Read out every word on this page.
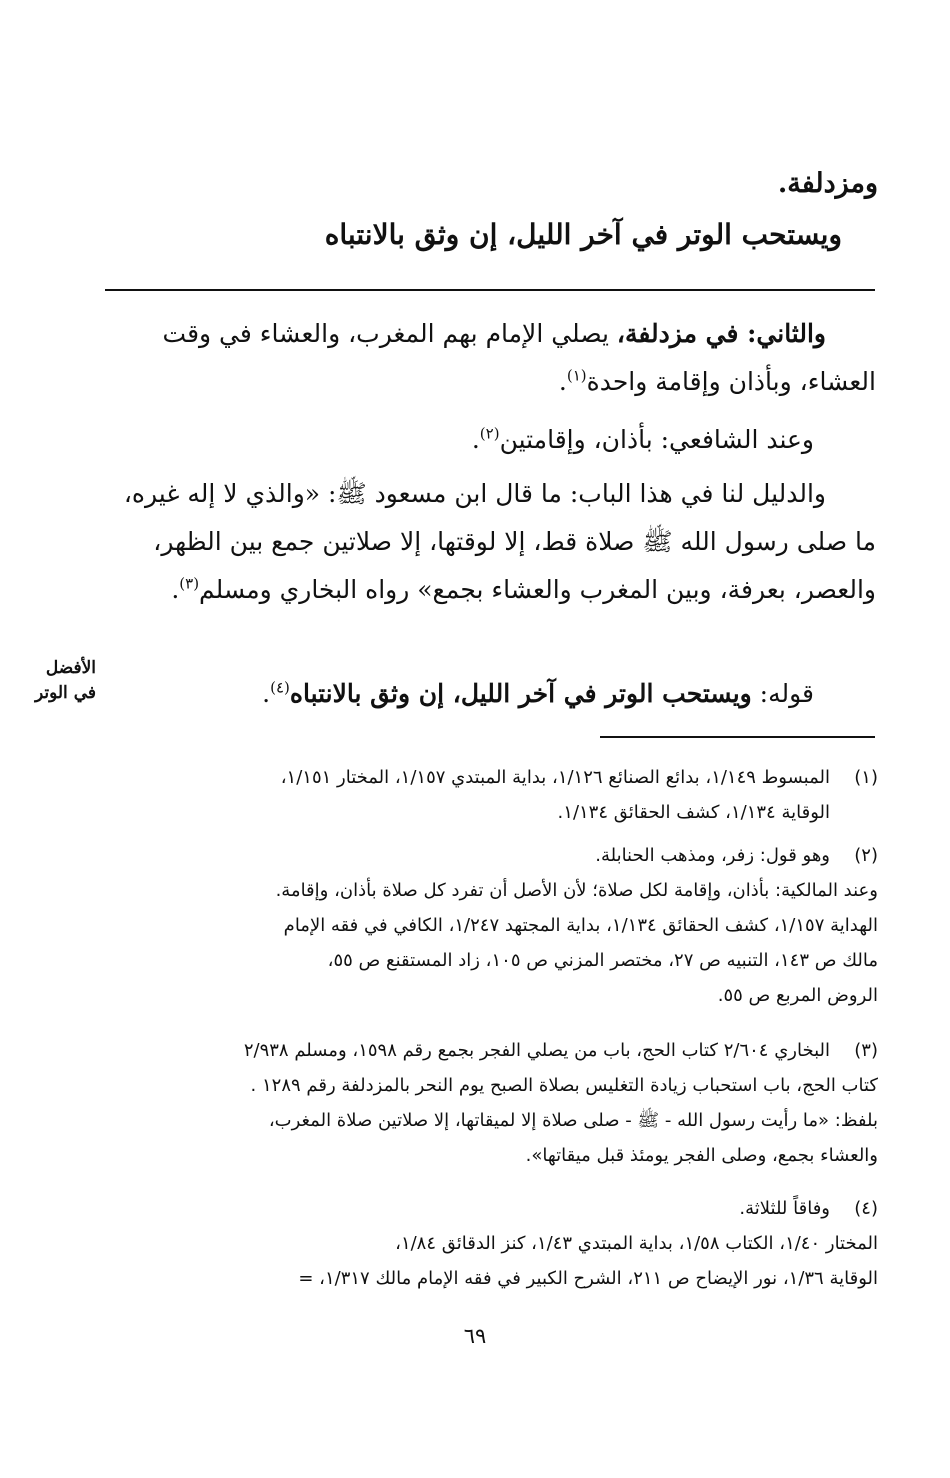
ومزدلفة.
ويستحب الوتر في آخر الليل، إن وثق بالانتباه
والثاني: في مزدلفة، يصلي الإمام بهم المغرب، والعشاء في وقت العشاء، وبأذان وإقامة واحدة$^{(١)}$.
وعند الشافعي: بأذان، وإقامتين$^{(٢)}$.
والدليل لنا في هذا الباب: ما قال ابن مسعود ﷺ: «والذي لا إله غيره، ما صلى رسول الله ﷺ صلاة قط، إلا لوقتها، إلا صلاتين جمع بين الظهر، والعصر، بعرفة، وبين المغرب والعشاء بجمع» رواه البخاري ومسلم$^{(٣)}$.
قوله: ويستحب الوتر في آخر الليل، إن وثق بالانتباه$^{(٤)}$.
الأفضل
في الوتر
(١)المبسوط ١/١٤٩، بدائع الصنائع ١/١٢٦، بداية المبتدي ١/١٥٧، المختار ١/١٥١،
الوقاية ١/١٣٤، كشف الحقائق ١/١٣٤.
(٢)وهو قول: زفر، ومذهب الحنابلة.
وعند المالكية: بأذان، وإقامة لكل صلاة؛ لأن الأصل أن تفرد كل صلاة بأذان، وإقامة.
الهداية ١/١٥٧، كشف الحقائق ١/١٣٤، بداية المجتهد ١/٢٤٧، الكافي في فقه الإمام
مالك ص ١٤٣، التنبيه ص ٢٧، مختصر المزني ص ١٠٥، زاد المستقنع ص ٥٥،
الروض المربع ص ٥٥.
(٣)البخاري ٢/٦٠٤ كتاب الحج، باب من يصلي الفجر بجمع رقم ١٥٩٨، ومسلم ٢/٩٣٨
كتاب الحج، باب استحباب زيادة التغليس بصلاة الصبح يوم النحر بالمزدلفة رقم ١٢٨٩ .
بلفظ: «ما رأيت رسول الله - ﷺ - صلى صلاة إلا لميقاتها، إلا صلاتين صلاة المغرب،
والعشاء بجمع، وصلى الفجر يومئذ قبل ميقاتها».
(٤)وفاقاً للثلاثة.
المختار ١/٤٠، الكتاب ١/٥٨، بداية المبتدي ١/٤٣، كنز الدقائق ١/٨٤،
الوقاية ١/٣٦، نور الإيضاح ص ٢١١، الشرح الكبير في فقه الإمام مالك ١/٣١٧، =
٦٩
